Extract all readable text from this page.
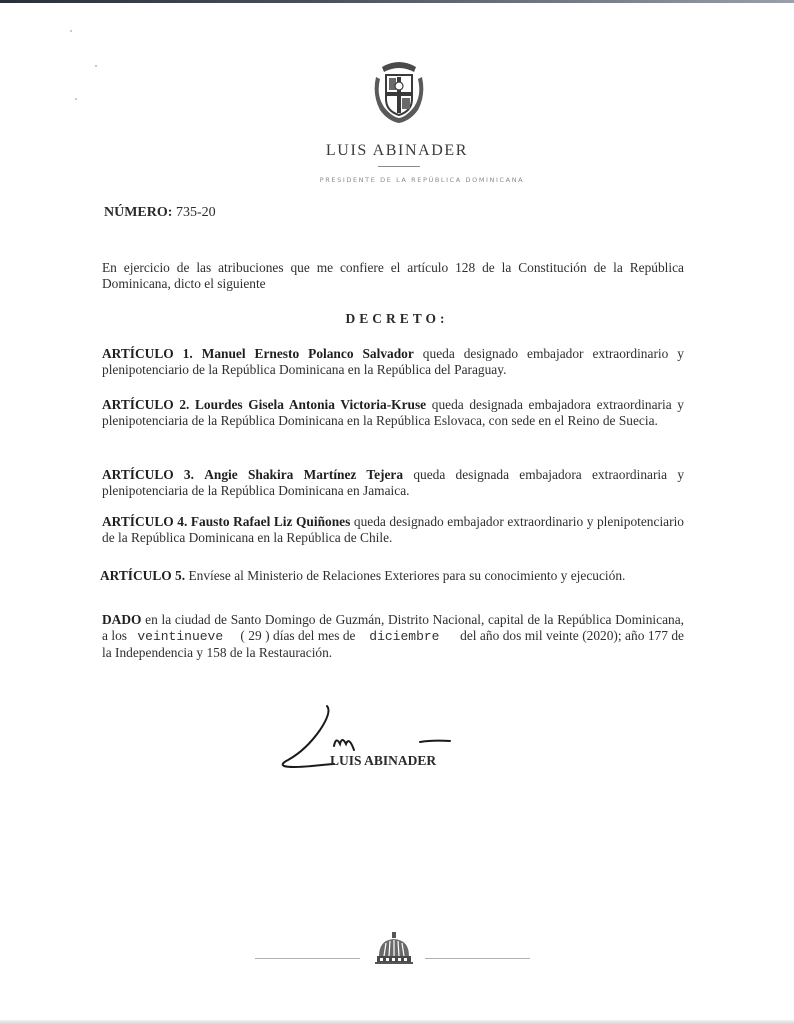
LUIS ABINADER
PRESIDENTE DE LA REPÚBLICA DOMINICANA
NÚMERO: 735-20
En ejercicio de las atribuciones que me confiere el artículo 128 de la Constitución de la República Dominicana, dicto el siguiente
DECRETO:
ARTÍCULO 1. Manuel Ernesto Polanco Salvador queda designado embajador extraordinario y plenipotenciario de la República Dominicana en la República del Paraguay.
ARTÍCULO 2. Lourdes Gisela Antonia Victoria-Kruse queda designada embajadora extraordinaria y plenipotenciaria de la República Dominicana en la República Eslovaca, con sede en el Reino de Suecia.
ARTÍCULO 3. Angie Shakira Martínez Tejera queda designada embajadora extraordinaria y plenipotenciaria de la República Dominicana en Jamaica.
ARTÍCULO 4. Fausto Rafael Liz Quiñones queda designado embajador extraordinario y plenipotenciario de la República Dominicana en la República de Chile.
ARTÍCULO 5. Envíese al Ministerio de Relaciones Exteriores para su conocimiento y ejecución.
DADO en la ciudad de Santo Domingo de Guzmán, Distrito Nacional, capital de la República Dominicana, a los veintinueve ( 29 ) días del mes de diciembre del año dos mil veinte (2020); año 177 de la Independencia y 158 de la Restauración.
LUIS ABINADER
